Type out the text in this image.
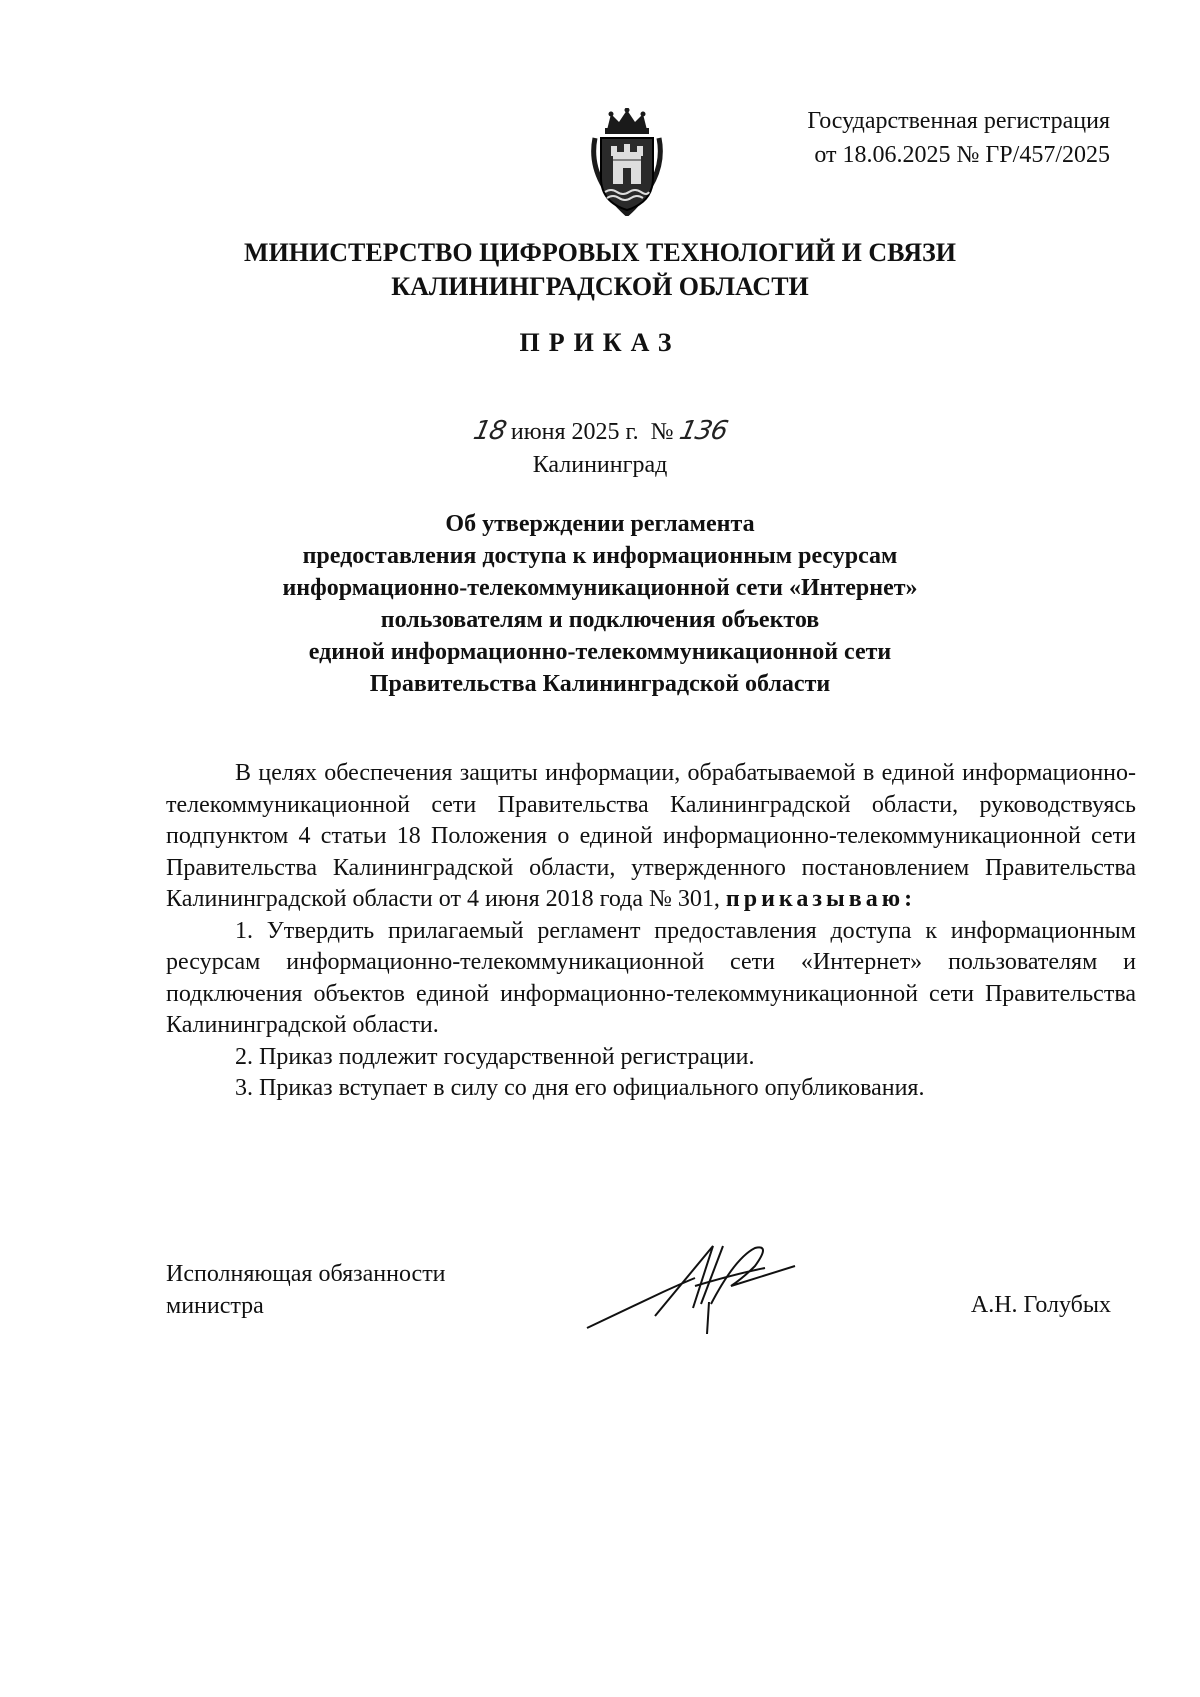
Государственная регистрация
от 18.06.2025 № ГР/457/2025
МИНИСТЕРСТВО ЦИФРОВЫХ ТЕХНОЛОГИЙ И СВЯЗИ
КАЛИНИНГРАДСКОЙ ОБЛАСТИ
ПРИКАЗ
18 июня 2025 г. № 136
Калининград
Об утверждении регламента
предоставления доступа к информационным ресурсам
информационно-телекоммуникационной сети «Интернет»
пользователям и подключения объектов
единой информационно-телекоммуникационной сети
Правительства Калининградской области

В целях обеспечения защиты информации, обрабатываемой в единой информационно-телекоммуникационной сети Правительства Калининградской области, руководствуясь подпунктом 4 статьи 18 Положения о единой информационно-телекоммуникационной сети Правительства Калининградской области, утвержденного постановлением Правительства Калининградской области от 4 июня 2018 года № 301, приказываю:

1. Утвердить прилагаемый регламент предоставления доступа к информационным ресурсам информационно-телекоммуникационной сети «Интернет» пользователям и подключения объектов единой информационно-телекоммуникационной сети Правительства Калининградской области.

2. Приказ подлежит государственной регистрации.

3. Приказ вступает в силу со дня его официального опубликования.

Исполняющая обязанности
министра	А.Н. Голубых
